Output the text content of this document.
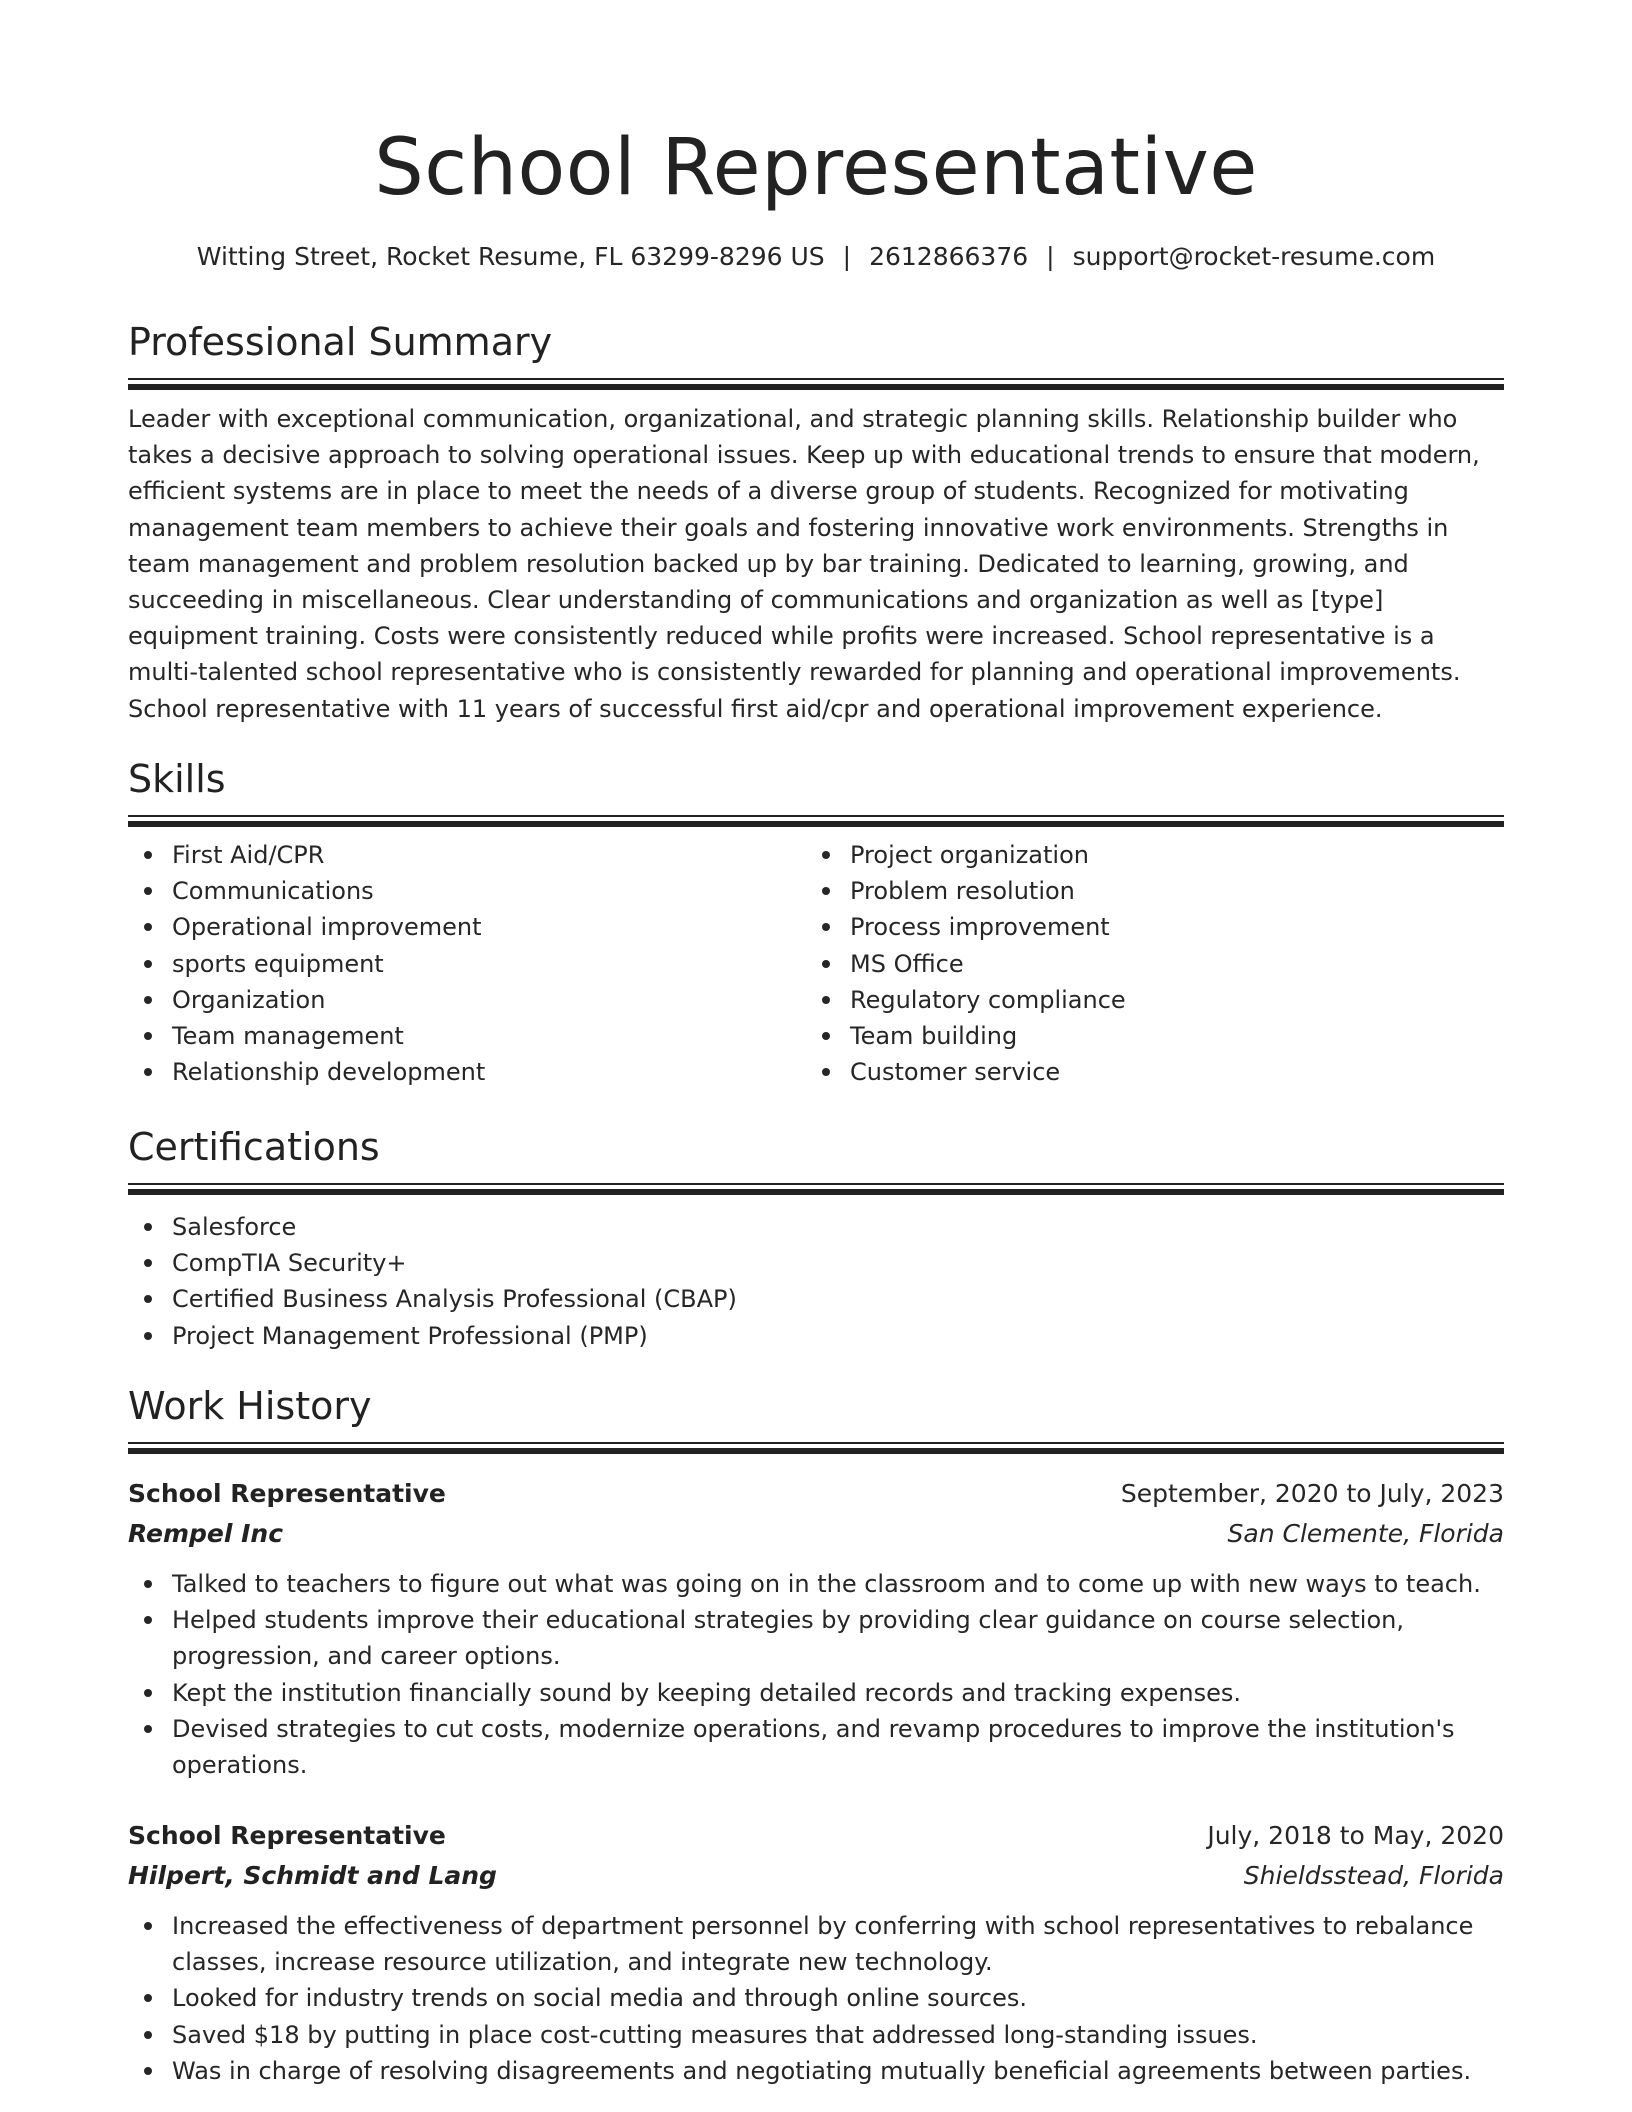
School Representative
Witting Street, Rocket Resume, FL 63299-8296 US | 2612866376 | support@rocket-resume.com
Professional Summary

Leader with exceptional communication, organizational, and strategic planning skills. Relationship builder who takes a decisive approach to solving operational issues. Keep up with educational trends to ensure that modern, efficient systems are in place to meet the needs of a diverse group of students. Recognized for motivating management team members to achieve their goals and fostering innovative work environments. Strengths in team management and problem resolution backed up by bar training. Dedicated to learning, growing, and succeeding in miscellaneous. Clear understanding of communications and organization as well as [type] equipment training. Costs were consistently reduced while profits were increased. School representative is a multi-talented school representative who is consistently rewarded for planning and operational improvements. School representative with 11 years of successful first aid/cpr and operational improvement experience.

Skills
First Aid/CPR
Communications
Operational improvement
sports equipment
Organization
Team management
Relationship development
Project organization
Problem resolution
Process improvement
MS Office
Regulatory compliance
Team building
Customer service
Certifications
Salesforce
CompTIA Security+
Certified Business Analysis Professional (CBAP)
Project Management Professional (PMP)
Work History
School Representative	September, 2020 to July, 2023
Rempel Inc	San Clemente, Florida
Talked to teachers to figure out what was going on in the classroom and to come up with new ways to teach.
Helped students improve their educational strategies by providing clear guidance on course selection, progression, and career options.
Kept the institution financially sound by keeping detailed records and tracking expenses.
Devised strategies to cut costs, modernize operations, and revamp procedures to improve the institution's operations.
School Representative	July, 2018 to May, 2020
Hilpert, Schmidt and Lang	Shieldsstead, Florida
Increased the effectiveness of department personnel by conferring with school representatives to rebalance classes, increase resource utilization, and integrate new technology.
Looked for industry trends on social media and through online sources.
Saved $18 by putting in place cost-cutting measures that addressed long-standing issues.
Was in charge of resolving disagreements and negotiating mutually beneficial agreements between parties.
